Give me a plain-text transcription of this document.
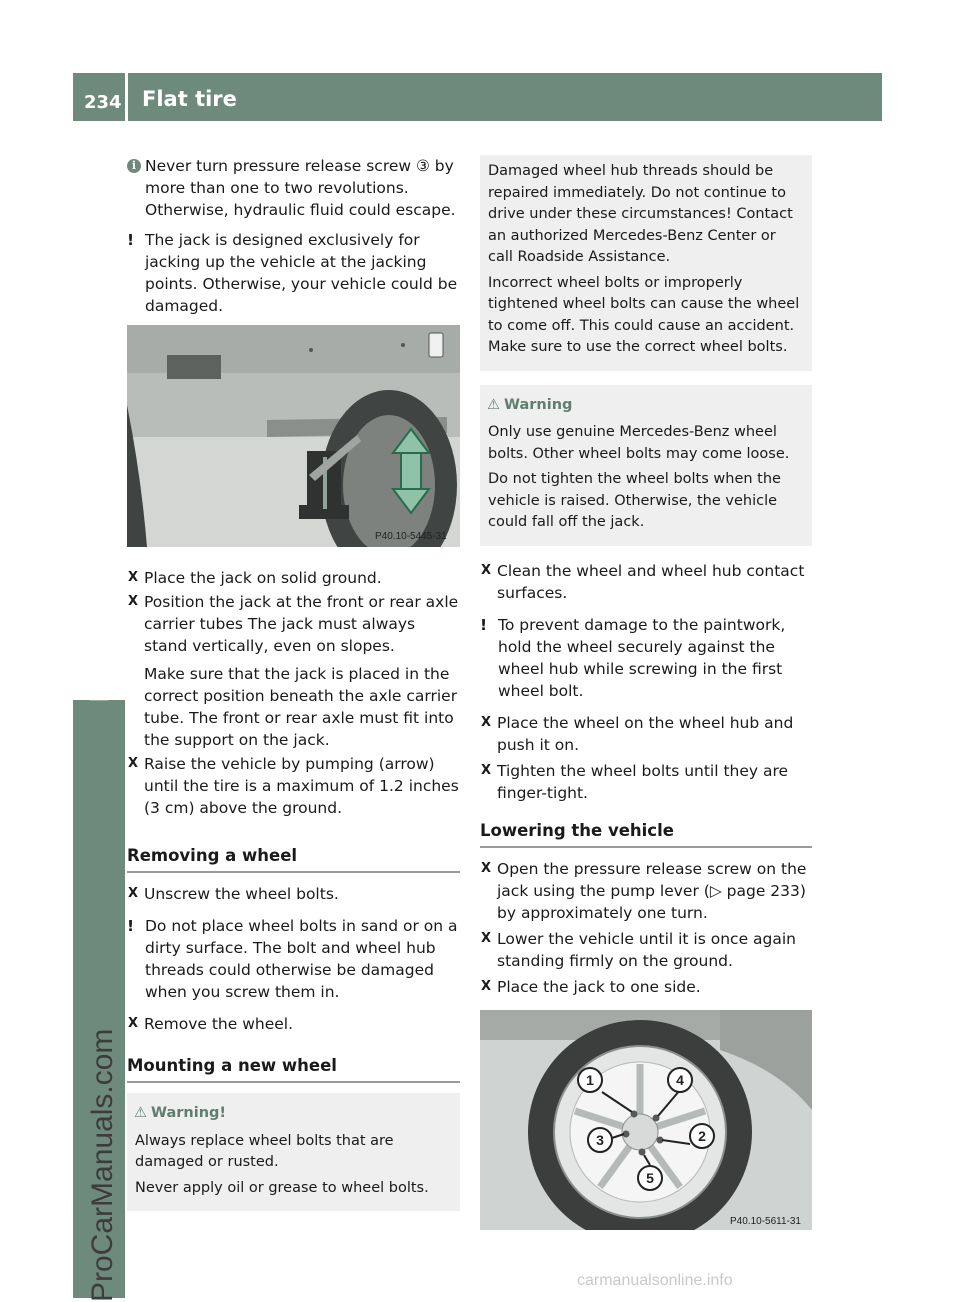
234 Flat tire
Roadside Assistance
ProCarManuals.com
i Never turn pressure release screw ③ by more than one to two revolutions. Otherwise, hydraulic fluid could escape.
! The jack is designed exclusively for jacking up the vehicle at the jacking points. Otherwise, your vehicle could be damaged.
P40.10-5445-31
X Place the jack on solid ground.

X Position the jack at the front or rear axle carrier tubes The jack must always stand vertically, even on slopes.

Make sure that the jack is placed in the correct position beneath the axle carrier tube. The front or rear axle must fit into the support on the jack.

X Raise the vehicle by pumping (arrow) until the tire is a maximum of 1.2 inches (3 cm) above the ground.

Removing a wheel
X Unscrew the wheel bolts.

! Do not place wheel bolts in sand or on a dirty surface. The bolt and wheel hub threads could otherwise be damaged when you screw them in.
X Remove the wheel.

Mounting a new wheel
⚠ Warning!

Always replace wheel bolts that are damaged or rusted.

Never apply oil or grease to wheel bolts.

Damaged wheel hub threads should be repaired immediately. Do not continue to drive under these circumstances! Contact an authorized Mercedes-Benz Center or call Roadside Assistance.

Incorrect wheel bolts or improperly tightened wheel bolts can cause the wheel to come off. This could cause an accident. Make sure to use the correct wheel bolts.

⚠ Warning

Only use genuine Mercedes-Benz wheel bolts. Other wheel bolts may come loose.

Do not tighten the wheel bolts when the vehicle is raised. Otherwise, the vehicle could fall off the jack.

X Clean the wheel and wheel hub contact surfaces.

! To prevent damage to the paintwork, hold the wheel securely against the wheel hub while screwing in the first wheel bolt.
X Place the wheel on the wheel hub and push it on.

X Tighten the wheel bolts until they are finger-tight.

Lowering the vehicle
X Open the pressure release screw on the jack using the pump lever (▷ page 233) by approximately one turn.

X Lower the vehicle until it is once again standing firmly on the ground.

X Place the jack to one side.

1	4
3	2
5
P40.10-5611-31
carmanualsonline.info
